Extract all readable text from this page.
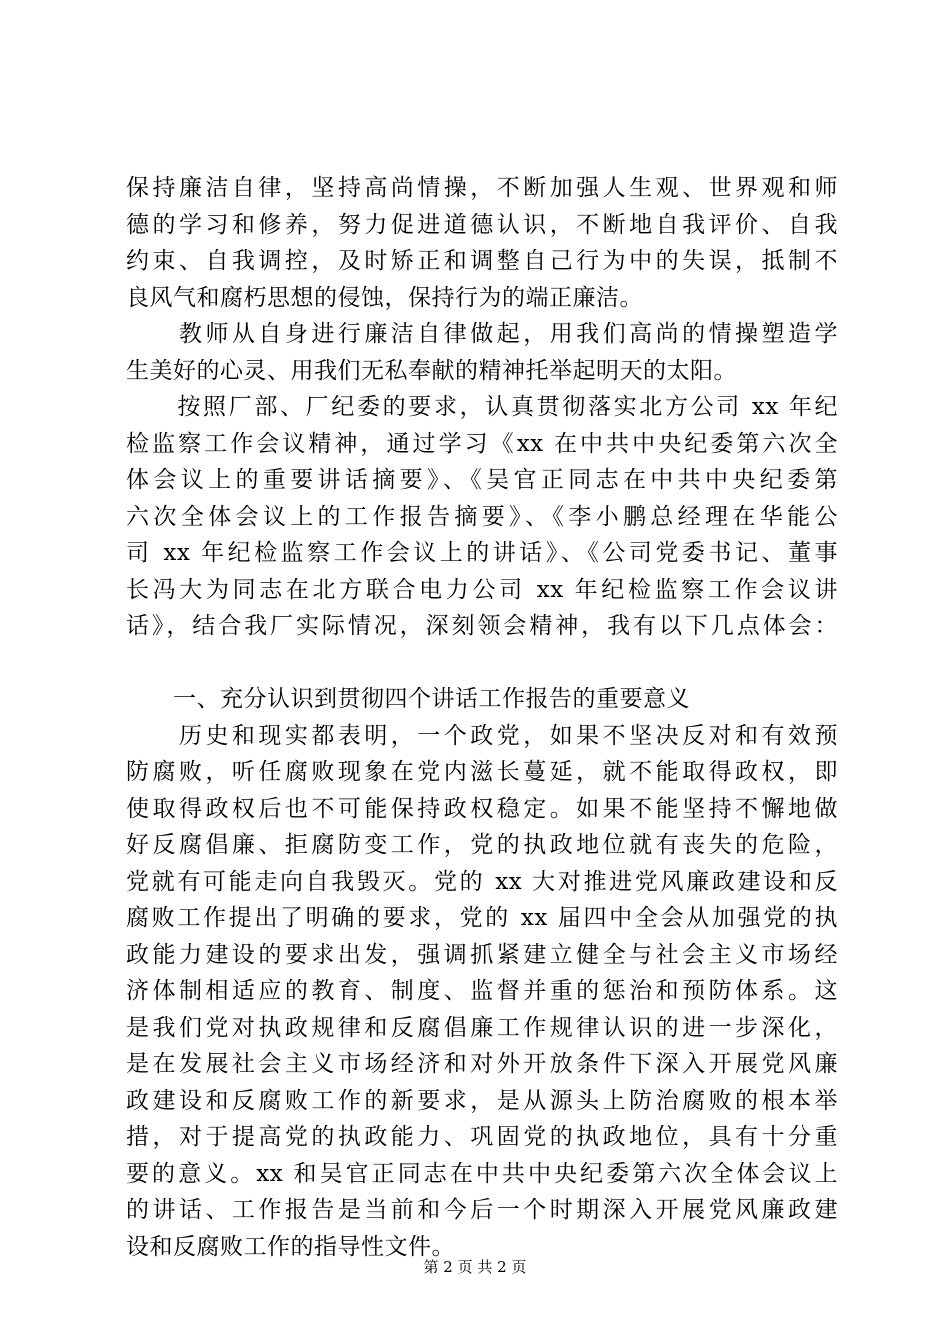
保持廉洁自律，坚持高尚情操，不断加强人生观、世界观和师
德的学习和修养，努力促进道德认识，不断地自我评价、自我
约束、自我调控，及时矫正和调整自己行为中的失误，抵制不
良风气和腐朽思想的侵蚀，保持行为的端正廉洁。
　　教师从自身进行廉洁自律做起，用我们高尚的情操塑造学
生美好的心灵、用我们无私奉献的精神托举起明天的太阳。
　　按照厂部、厂纪委的要求，认真贯彻落实北方公司 xx 年纪
检监察工作会议精神，通过学习《xx 在中共中央纪委第六次全
体会议上的重要讲话摘要》、《吴官正同志在中共中央纪委第
六次全体会议上的工作报告摘要》、《李小鹏总经理在华能公
司 xx 年纪检监察工作会议上的讲话》、《公司党委书记、董事
长冯大为同志在北方联合电力公司 xx 年纪检监察工作会议讲
话》，结合我厂实际情况，深刻领会精神，我有以下几点体会：
　　一、充分认识到贯彻四个讲话工作报告的重要意义
　　历史和现实都表明，一个政党，如果不坚决反对和有效预
防腐败，听任腐败现象在党内滋长蔓延，就不能取得政权，即
使取得政权后也不可能保持政权稳定。如果不能坚持不懈地做
好反腐倡廉、拒腐防变工作，党的执政地位就有丧失的危险，
党就有可能走向自我毁灭。党的 xx 大对推进党风廉政建设和反
腐败工作提出了明确的要求，党的 xx 届四中全会从加强党的执
政能力建设的要求出发，强调抓紧建立健全与社会主义市场经
济体制相适应的教育、制度、监督并重的惩治和预防体系。这
是我们党对执政规律和反腐倡廉工作规律认识的进一步深化，
是在发展社会主义市场经济和对外开放条件下深入开展党风廉
政建设和反腐败工作的新要求，是从源头上防治腐败的根本举
措，对于提高党的执政能力、巩固党的执政地位，具有十分重
要的意义。xx 和吴官正同志在中共中央纪委第六次全体会议上
的讲话、工作报告是当前和今后一个时期深入开展党风廉政建
设和反腐败工作的指导性文件。
第 2 页 共 2 页
